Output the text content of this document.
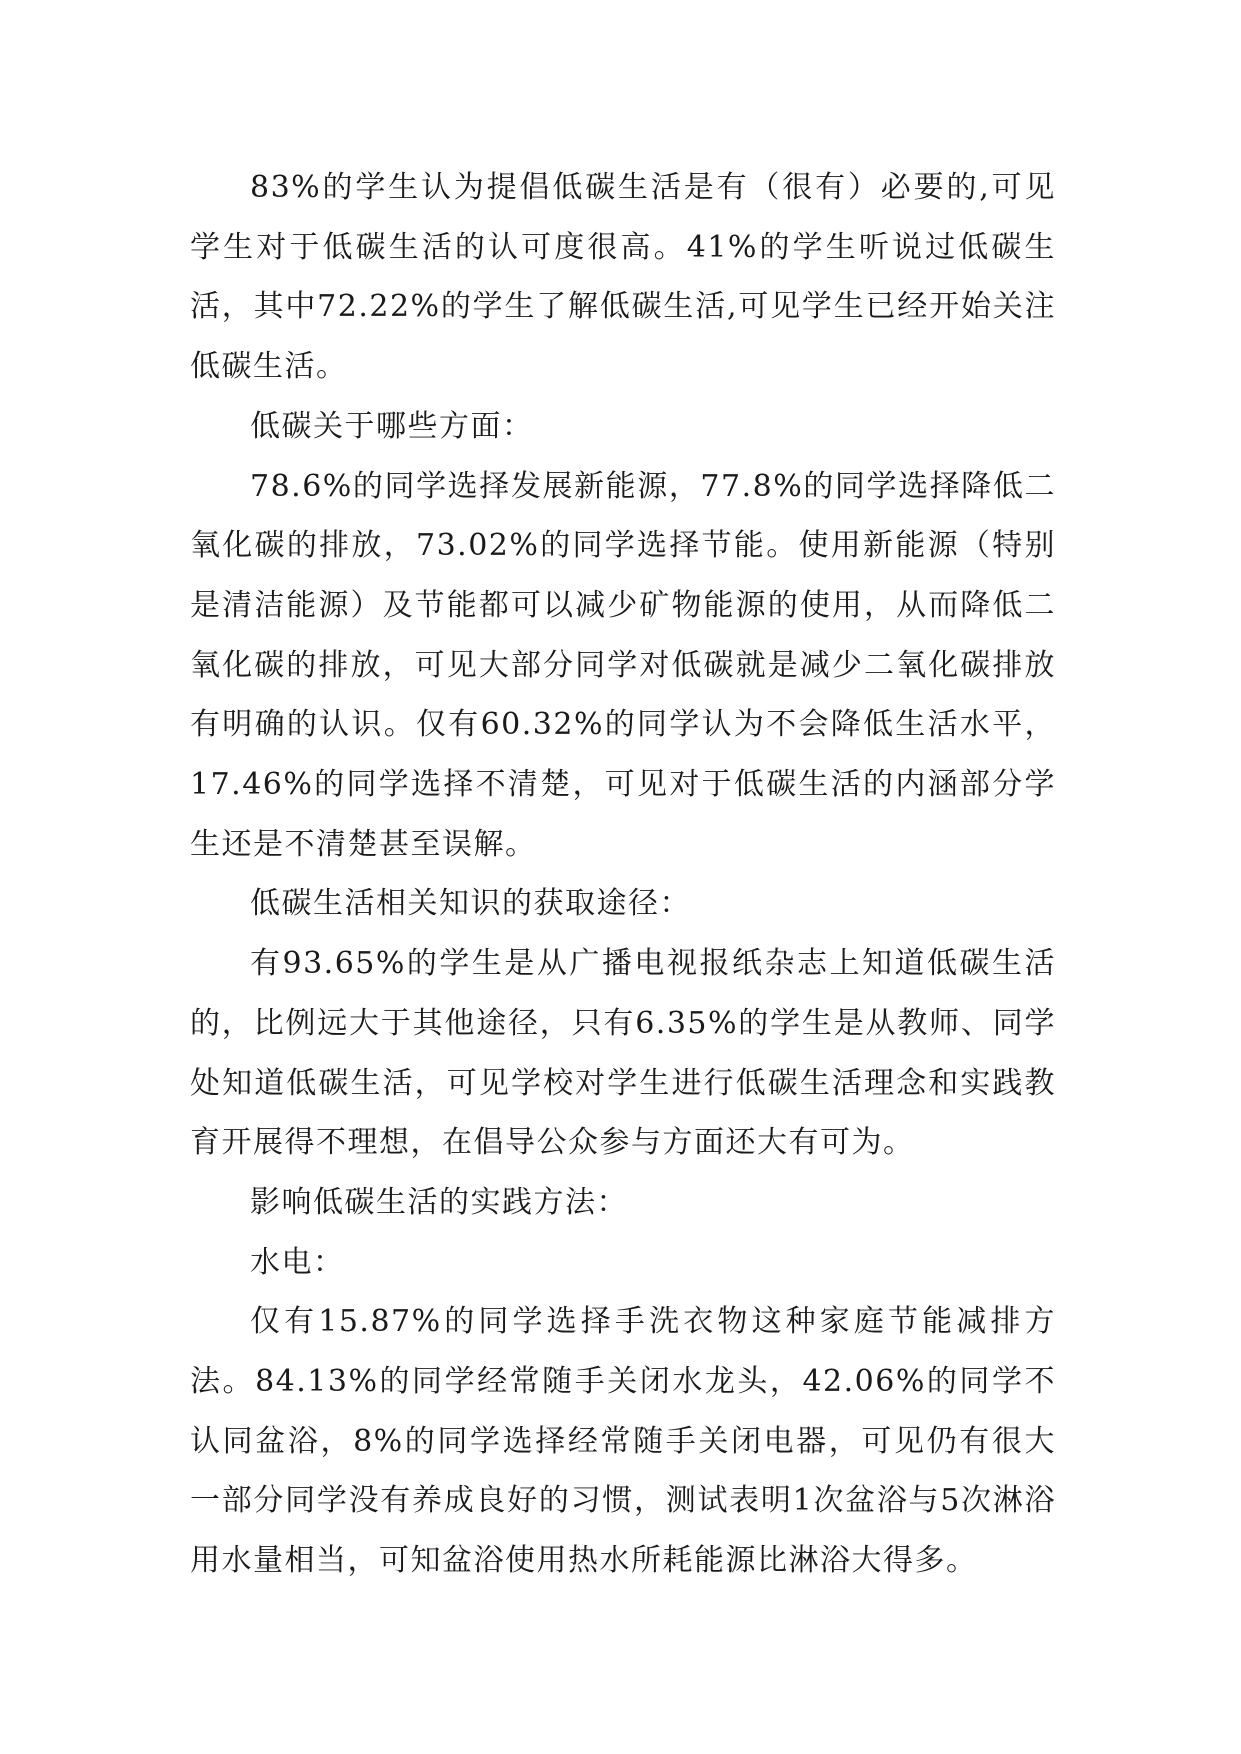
83%的学生认为提倡低碳生活是有（很有）必要的,可见学生对于低碳生活的认可度很高。41%的学生听说过低碳生活，其中72.22%的学生了解低碳生活,可见学生已经开始关注低碳生活。

低碳关于哪些方面：

78.6%的同学选择发展新能源，77.8%的同学选择降低二氧化碳的排放，73.02%的同学选择节能。使用新能源（特别是清洁能源）及节能都可以减少矿物能源的使用，从而降低二氧化碳的排放，可见大部分同学对低碳就是减少二氧化碳排放有明确的认识。仅有60.32%的同学认为不会降低生活水平，17.46%的同学选择不清楚，可见对于低碳生活的内涵部分学生还是不清楚甚至误解。

低碳生活相关知识的获取途径：

有93.65%的学生是从广播电视报纸杂志上知道低碳生活的，比例远大于其他途径，只有6.35%的学生是从教师、同学处知道低碳生活，可见学校对学生进行低碳生活理念和实践教育开展得不理想，在倡导公众参与方面还大有可为。

影响低碳生活的实践方法：

水电：

仅有15.87%的同学选择手洗衣物这种家庭节能减排方法。84.13%的同学经常随手关闭水龙头，42.06%的同学不认同盆浴，8%的同学选择经常随手关闭电器，可见仍有很大一部分同学没有养成良好的习惯，测试表明1次盆浴与5次淋浴用水量相当，可知盆浴使用热水所耗能源比淋浴大得多。
